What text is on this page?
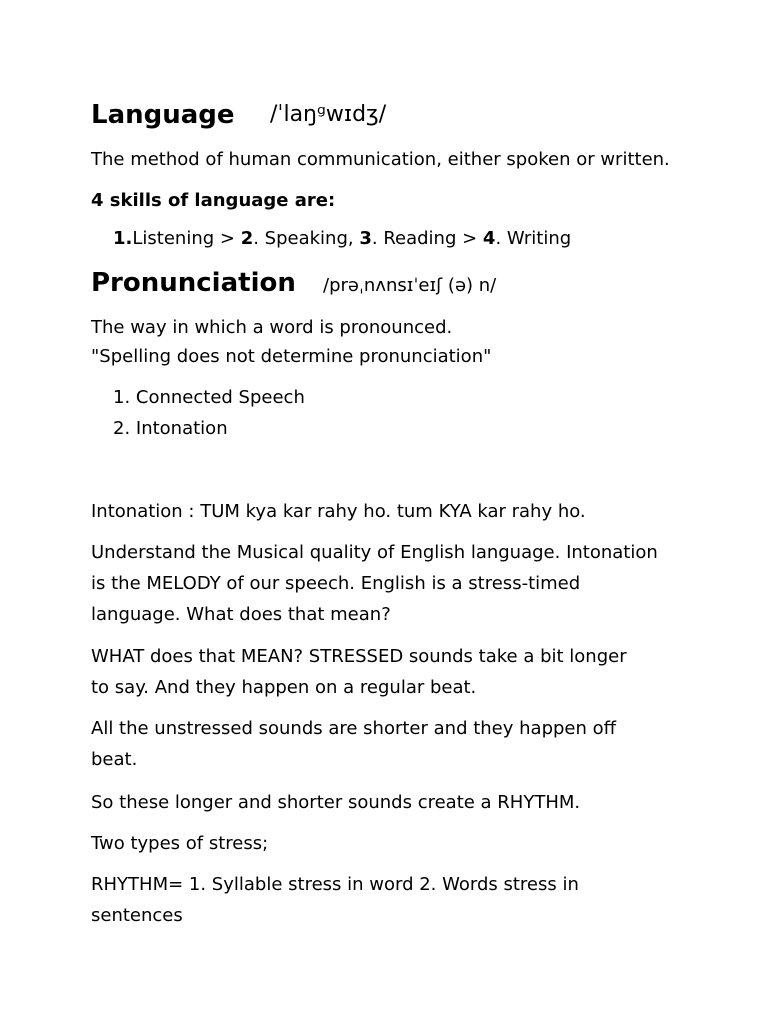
Language /ˈlaŋᵍwɪdʒ/
The method of human communication, either spoken or written.
4 skills of language are:
1.Listening > 2. Speaking, 3. Reading > 4. Writing
Pronunciation /prəˌnʌnsɪˈeɪʃ (ə) n/
The way in which a word is pronounced.
"Spelling does not determine pronunciation"
1. Connected Speech
2. Intonation
Intonation : TUM kya kar rahy ho. tum KYA kar rahy ho.
Understand the Musical quality of English language. Intonation
is the MELODY of our speech. English is a stress-timed
language. What does that mean?
WHAT does that MEAN? STRESSED sounds take a bit longer
to say. And they happen on a regular beat.
All the unstressed sounds are shorter and they happen off
beat.
So these longer and shorter sounds create a RHYTHM.
Two types of stress;
RHYTHM= 1. Syllable stress in word 2. Words stress in
sentences
